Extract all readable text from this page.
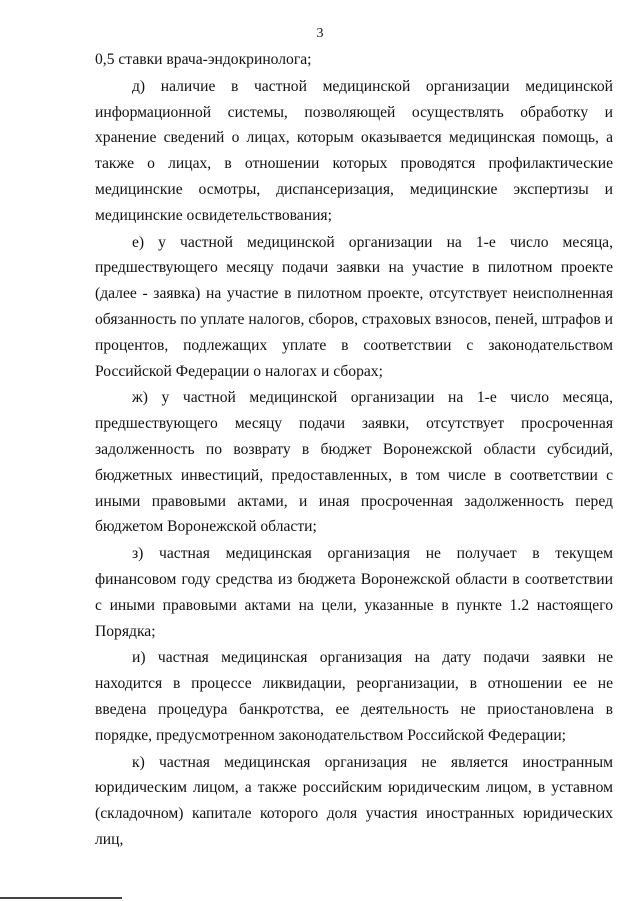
3

0,5 ставки врача-эндокринолога;

д) наличие в частной медицинской организации медицинской информационной системы, позволяющей осуществлять обработку и хранение сведений о лицах, которым оказывается медицинская помощь, а также о лицах, в отношении которых проводятся профилактические медицинские осмотры, диспансеризация, медицинские экспертизы и медицинские освидетельствования;

е) у частной медицинской организации на 1-е число месяца, предшествующего месяцу подачи заявки на участие в пилотном проекте (далее - заявка) на участие в пилотном проекте, отсутствует неисполненная обязанность по уплате налогов, сборов, страховых взносов, пеней, штрафов и процентов, подлежащих уплате в соответствии с законодательством Российской Федерации о налогах и сборах;

ж) у частной медицинской организации на 1-е число месяца, предшествующего месяцу подачи заявки, отсутствует просроченная задолженность по возврату в бюджет Воронежской области субсидий, бюджетных инвестиций, предоставленных, в том числе в соответствии с иными правовыми актами, и иная просроченная задолженность перед бюджетом Воронежской области;

з) частная медицинская организация не получает в текущем финансовом году средства из бюджета Воронежской области в соответствии с иными правовыми актами на цели, указанные в пункте 1.2 настоящего Порядка;

и) частная медицинская организация на дату подачи заявки не находится в процессе ликвидации, реорганизации, в отношении ее не введена процедура банкротства, ее деятельность не приостановлена в порядке, предусмотренном законодательством Российской Федерации;

к) частная медицинская организация не является иностранным юридическим лицом, а также российским юридическим лицом, в уставном (складочном) капитале которого доля участия иностранных юридических лиц,
